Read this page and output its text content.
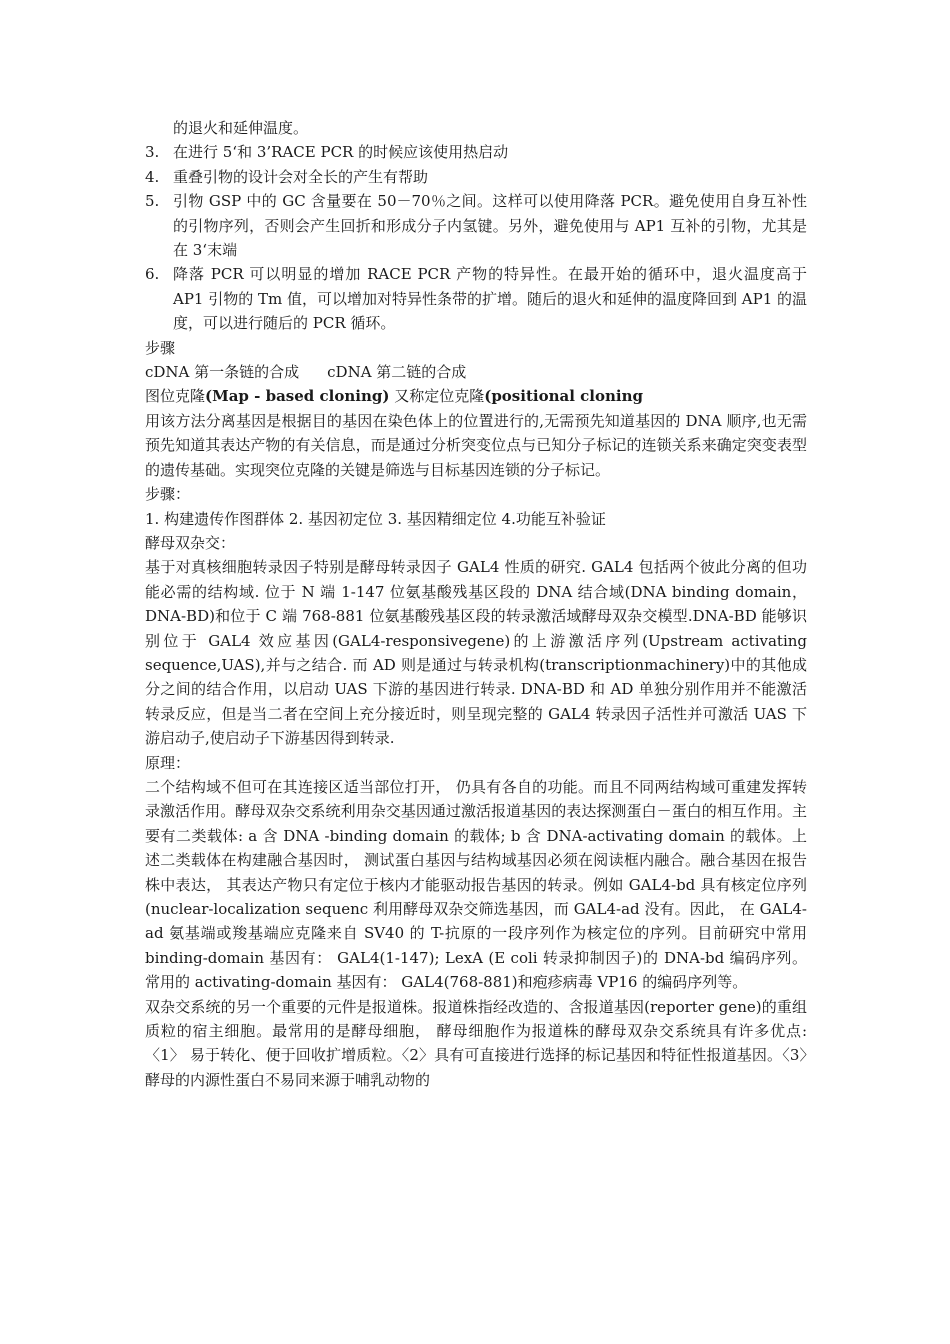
的退火和延伸温度。

3. 在进行 5‘和 3’RACE PCR 的时候应该使用热启动
4. 重叠引物的设计会对全长的产生有帮助
5. 引物 GSP 中的 GC 含量要在 50－70％之间。这样可以使用降落 PCR。避免使用自身互补性的引物序列，否则会产生回折和形成分子内氢键。另外，避免使用与 AP1 互补的引物，尤其是在 3‘末端
6. 降落 PCR 可以明显的增加 RACE PCR 产物的特异性。在最开始的循环中，退火温度高于 AP1 引物的 Tm 值，可以增加对特异性条带的扩增。随后的退火和延伸的温度降回到 AP1 的温度，可以进行随后的 PCR 循环。

步骤

cDNA 第一条链的合成 cDNA 第二链的合成

图位克隆(Map - based cloning) 又称定位克隆(positional cloning

用该方法分离基因是根据目的基因在染色体上的位置进行的,无需预先知道基因的 DNA 顺序,也无需预先知道其表达产物的有关信息，而是通过分析突变位点与已知分子标记的连锁关系来确定突变表型的遗传基础。实现突位克隆的关键是筛选与目标基因连锁的分子标记。

步骤：

1. 构建遗传作图群体 2. 基因初定位 3. 基因精细定位 4.功能互补验证

酵母双杂交：

基于对真核细胞转录因子特别是酵母转录因子 GAL4 性质的研究. GAL4 包括两个彼此分离的但功能必需的结构域. 位于 N 端 1-147 位氨基酸残基区段的 DNA 结合域(DNA binding domain，DNA-BD)和位于 C 端 768-881 位氨基酸残基区段的转录激活域酵母双杂交模型.DNA-BD 能够识别位于 GAL4 效应基因(GAL4-responsivegene)的上游激活序列(Upstream activating sequence,UAS),并与之结合. 而 AD 则是通过与转录机构(transcriptionmachinery)中的其他成分之间的结合作用，以启动 UAS 下游的基因进行转录. DNA-BD 和 AD 单独分别作用并不能激活转录反应，但是当二者在空间上充分接近时，则呈现完整的 GAL4 转录因子活性并可激活 UAS 下游启动子,使启动子下游基因得到转录.

原理：

二个结构域不但可在其连接区适当部位打开， 仍具有各自的功能。而且不同两结构域可重建发挥转录激活作用。酵母双杂交系统利用杂交基因通过激活报道基因的表达探测蛋白－蛋白的相互作用。主要有二类载体: a 含 DNA -binding domain 的载体; b 含 DNA-activating domain 的载体。上述二类载体在构建融合基因时， 测试蛋白基因与结构域基因必须在阅读框内融合。融合基因在报告株中表达， 其表达产物只有定位于核内才能驱动报告基因的转录。例如 GAL4-bd 具有核定位序列(nuclear-localization sequenc 利用酵母双杂交筛选基因，而 GAL4-ad 没有。因此， 在 GAL4-ad 氨基端或羧基端应克隆来自 SV40 的 T-抗原的一段序列作为核定位的序列。目前研究中常用 binding-domain 基因有： GAL4(1-147); LexA (E coli 转录抑制因子)的 DNA-bd 编码序列。常用的 activating-domain 基因有： GAL4(768-881)和疱疹病毒 VP16 的编码序列等。

双杂交系统的另一个重要的元件是报道株。报道株指经改造的、含报道基因(reporter gene)的重组质粒的宿主细胞。最常用的是酵母细胞， 酵母细胞作为报道株的酵母双杂交系统具有许多优点: 〈1〉 易于转化、便于回收扩增质粒。〈2〉具有可直接进行选择的标记基因和特征性报道基因。〈3〉酵母的内源性蛋白不易同来源于哺乳动物的
